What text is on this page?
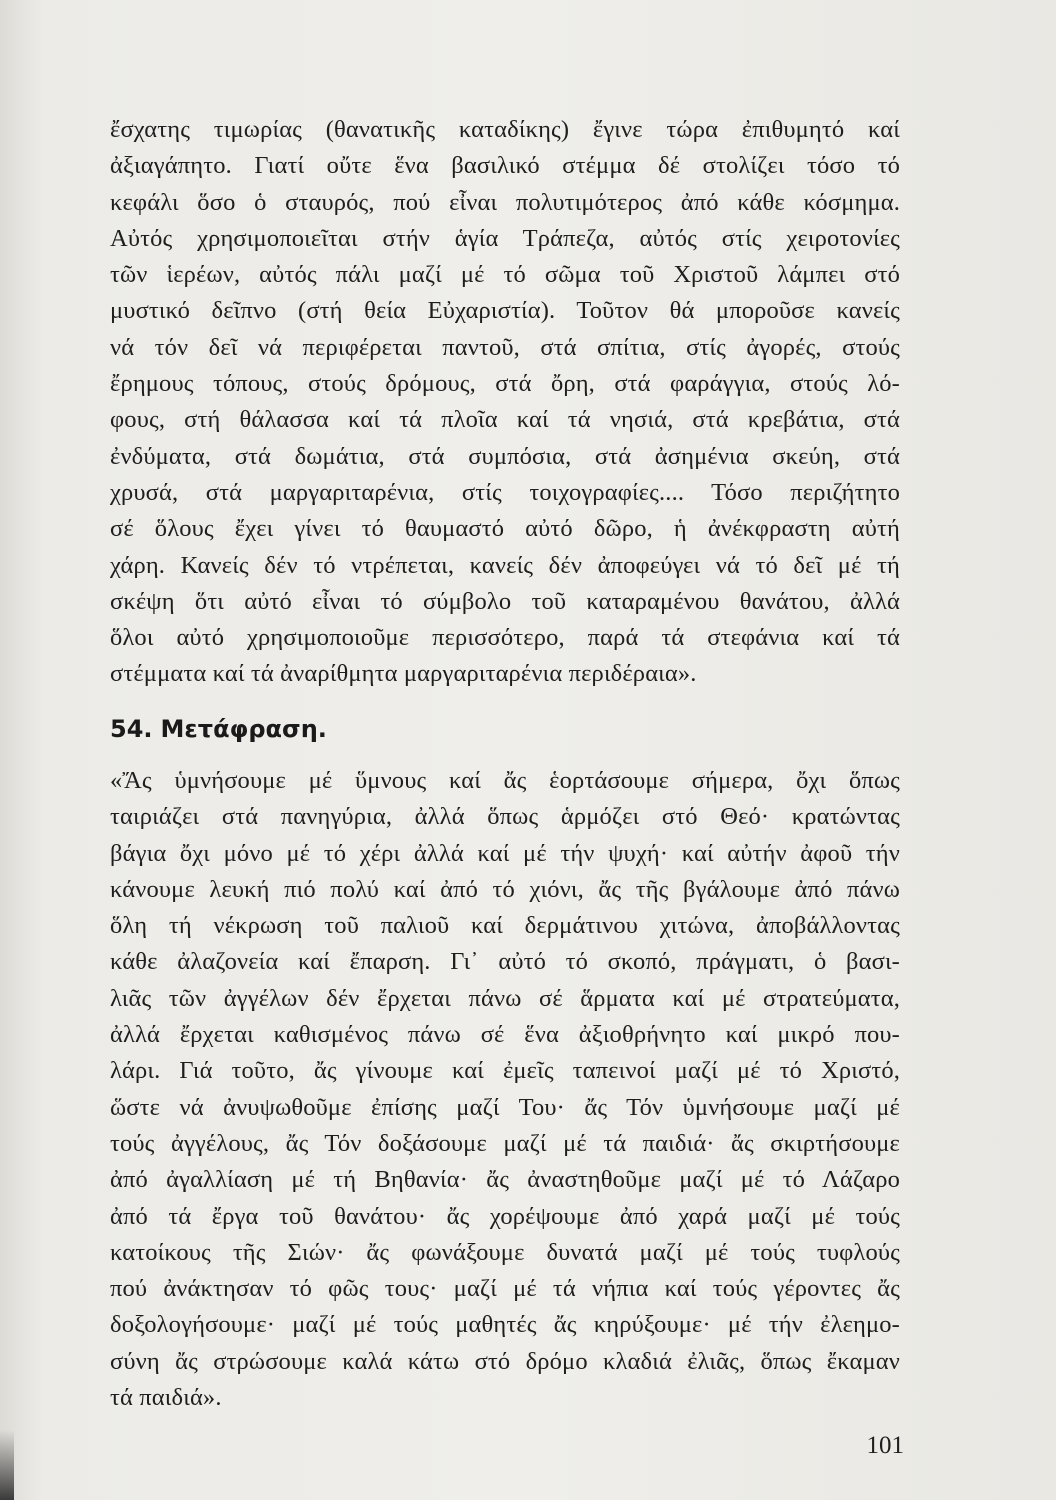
ἔσχατης τιμωρίας (θανατικῆς καταδίκης) ἔγινε τώρα ἐπιθυμητό καί
ἀξιαγάπητο. Γιατί οὔτε ἕνα βασιλικό στέμμα δέ στολίζει τόσο τό
κεφάλι ὅσο ὁ σταυρός, πού εἶναι πολυτιμότερος ἀπό κάθε κόσμημα.
Αὐτός χρησιμοποιεῖται στήν ἁγία Τράπεζα, αὐτός στίς χειροτονίες
τῶν ἱερέων, αὐτός πάλι μαζί μέ τό σῶμα τοῦ Χριστοῦ λάμπει στό
μυστικό δεῖπνο (στή θεία Εὐχαριστία). Τοῦτον θά μποροῦσε κανείς
νά τόν δεῖ νά περιφέρεται παντοῦ, στά σπίτια, στίς ἀγορές, στούς
ἔρημους τόπους, στούς δρόμους, στά ὄρη, στά φαράγγια, στούς λό-
φους, στή θάλασσα καί τά πλοῖα καί τά νησιά, στά κρεβάτια, στά
ἐνδύματα, στά δωμάτια, στά συμπόσια, στά ἀσημένια σκεύη, στά
χρυσά, στά μαργαριταρένια, στίς τοιχογραφίες.... Τόσο περιζήτητο
σέ ὅλους ἔχει γίνει τό θαυμαστό αὐτό δῶρο, ἡ ἀνέκφραστη αὐτή
χάρη. Κανείς δέν τό ντρέπεται, κανείς δέν ἀποφεύγει νά τό δεῖ μέ τή
σκέψη ὅτι αὐτό εἶναι τό σύμβολο τοῦ καταραμένου θανάτου, ἀλλά
ὅλοι αὐτό χρησιμοποιοῦμε περισσότερο, παρά τά στεφάνια καί τά
στέμματα καί τά ἀναρίθμητα μαργαριταρένια περιδέραια».

54. Μετάφραση.

«Ἄς ὑμνήσουμε μέ ὕμνους καί ἄς ἑορτάσουμε σήμερα, ὄχι ὅπως
ταιριάζει στά πανηγύρια, ἀλλά ὅπως ἁρμόζει στό Θεό· κρατώντας
βάγια ὄχι μόνο μέ τό χέρι ἀλλά καί μέ τήν ψυχή· καί αὐτήν ἀφοῦ τήν
κάνουμε λευκή πιό πολύ καί ἀπό τό χιόνι, ἄς τῆς βγάλουμε ἀπό πάνω
ὅλη τή νέκρωση τοῦ παλιοῦ καί δερμάτινου χιτώνα, ἀποβάλλοντας
κάθε ἀλαζονεία καί ἔπαρση. Γι᾽ αὐτό τό σκοπό, πράγματι, ὁ βασι-
λιᾶς τῶν ἀγγέλων δέν ἔρχεται πάνω σέ ἅρματα καί μέ στρατεύματα,
ἀλλά ἔρχεται καθισμένος πάνω σέ ἕνα ἀξιοθρήνητο καί μικρό που-
λάρι. Γιά τοῦτο, ἄς γίνουμε καί ἐμεῖς ταπεινοί μαζί μέ τό Χριστό,
ὥστε νά ἀνυψωθοῦμε ἐπίσης μαζί Του· ἄς Τόν ὑμνήσουμε μαζί μέ
τούς ἀγγέλους, ἄς Τόν δοξάσουμε μαζί μέ τά παιδιά· ἄς σκιρτήσουμε
ἀπό ἀγαλλίαση μέ τή Βηθανία· ἄς ἀναστηθοῦμε μαζί μέ τό Λάζαρο
ἀπό τά ἔργα τοῦ θανάτου· ἄς χορέψουμε ἀπό χαρά μαζί μέ τούς
κατοίκους τῆς Σιών· ἄς φωνάξουμε δυνατά μαζί μέ τούς τυφλούς
πού ἀνάκτησαν τό φῶς τους· μαζί μέ τά νήπια καί τούς γέροντες ἄς
δοξολογήσουμε· μαζί μέ τούς μαθητές ἄς κηρύξουμε· μέ τήν ἐλεημο-
σύνη ἄς στρώσουμε καλά κάτω στό δρόμο κλαδιά ἐλιᾶς, ὅπως ἔκαμαν
τά παιδιά».

101
